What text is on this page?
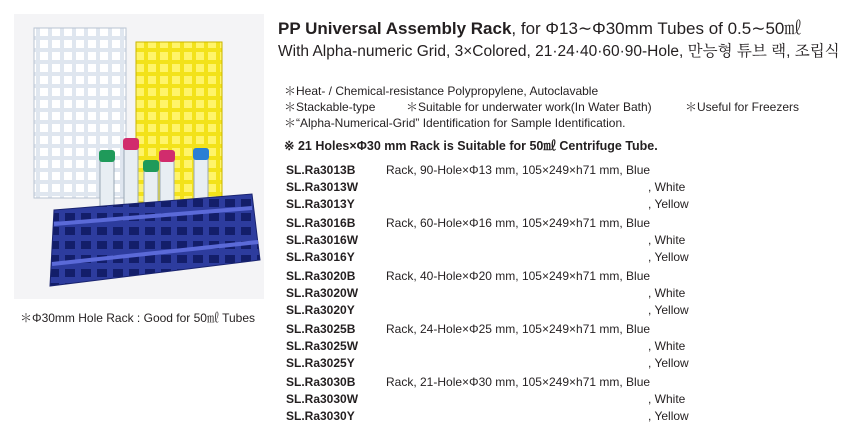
＊Φ30mm Hole Rack : Good for 50㎖ Tubes
PP Universal Assembly Rack, for Φ13∼Φ30mm Tubes of 0.5∼50㎖
With Alpha-numeric Grid, 3×Colored, 21·24·40·60·90-Hole, 만능형 튜브 랙, 조립식
＊Heat- / Chemical-resistance Polypropylene, Autoclavable
＊Stackable-type	＊Suitable for underwater work(In Water Bath)	＊Useful for Freezers
＊“Alpha-Numerical-Grid” Identification for Sample Identification.
※ 21 Holes×Φ30 mm Rack is Suitable for 50㎖ Centrifuge Tube.
SL.Ra3013B	Rack, 90-Hole×Φ13 mm, 105×249×h71 mm, Blue
SL.Ra3013W	, White
SL.Ra3013Y	, Yellow
SL.Ra3016B	Rack, 60-Hole×Φ16 mm, 105×249×h71 mm, Blue
SL.Ra3016W	, White
SL.Ra3016Y	, Yellow
SL.Ra3020B	Rack, 40-Hole×Φ20 mm, 105×249×h71 mm, Blue
SL.Ra3020W	, White
SL.Ra3020Y	, Yellow
SL.Ra3025B	Rack, 24-Hole×Φ25 mm, 105×249×h71 mm, Blue
SL.Ra3025W	, White
SL.Ra3025Y	, Yellow
SL.Ra3030B	Rack, 21-Hole×Φ30 mm, 105×249×h71 mm, Blue
SL.Ra3030W	, White
SL.Ra3030Y	, Yellow
